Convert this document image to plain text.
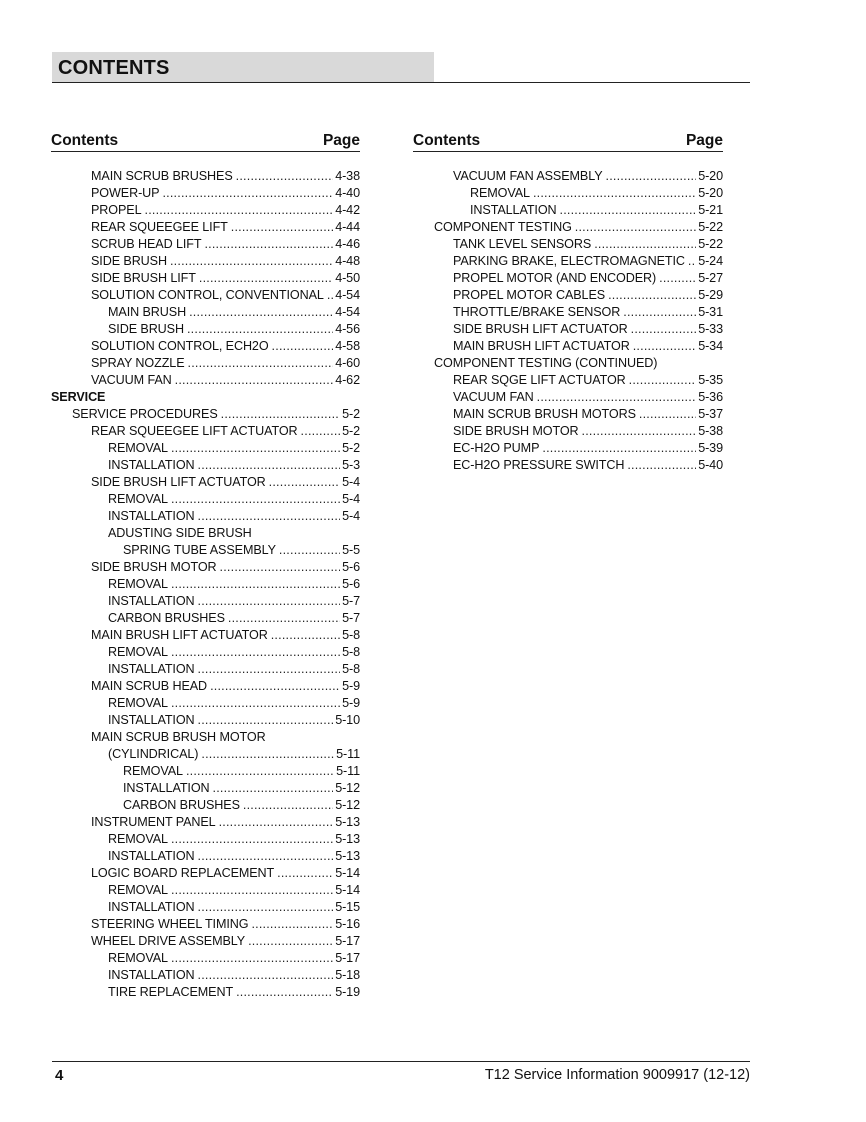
CONTENTS
Contents	Page
MAIN SCRUB BRUSHES . . .	4-38
POWER-UP . . .	4-40
PROPEL . . .	4-42
REAR SQUEEGEE LIFT . . .	4-44
SCRUB HEAD LIFT . . .	4-46
SIDE BRUSH . . .	4-48
SIDE BRUSH LIFT . . .	4-50
SOLUTION CONTROL, CONVENTIONAL . . . 4-54
MAIN BRUSH . . .	4-54
SIDE BRUSH . . .	4-56
SOLUTION CONTROL, ECH2O . . .	4-58
SPRAY NOZZLE . . .	4-60
VACUUM FAN . . .	4-62
SERVICE
SERVICE PROCEDURES . . .	5-2
REAR SQUEEGEE LIFT ACTUATOR . . .	5-2
REMOVAL . . .	5-2
INSTALLATION . . .	5-3
SIDE BRUSH LIFT ACTUATOR . . .	5-4
REMOVAL . . .	5-4
INSTALLATION . . .	5-4
ADUSTING SIDE BRUSH
SPRING TUBE ASSEMBLY . . .	5-5
SIDE BRUSH MOTOR . . .	5-6
REMOVAL . . .	5-6
INSTALLATION . . .	5-7
CARBON BRUSHES . . .	5-7
MAIN BRUSH LIFT ACTUATOR . . .	5-8
REMOVAL . . .	5-8
INSTALLATION . . .	5-8
MAIN SCRUB HEAD . . .	5-9
REMOVAL . . .	5-9
INSTALLATION . . .	5-10
MAIN SCRUB BRUSH MOTOR
(CYLINDRICAL) . . .	5-11
REMOVAL . . .	5-11
INSTALLATION . . .	5-12
CARBON BRUSHES . . .	5-12
INSTRUMENT PANEL . . .	5-13
REMOVAL . . .	5-13
INSTALLATION . . .	5-13
LOGIC BOARD REPLACEMENT . . .	5-14
REMOVAL . . .	5-14
INSTALLATION . . .	5-15
STEERING WHEEL TIMING . . .	5-16
WHEEL DRIVE ASSEMBLY . . .	5-17
REMOVAL . . .	5-17
INSTALLATION . . .	5-18
TIRE REPLACEMENT . . .	5-19
Contents	Page
VACUUM FAN ASSEMBLY . . .	5-20
REMOVAL . . .	5-20
INSTALLATION . . .	5-21
COMPONENT TESTING . . .	5-22
TANK LEVEL SENSORS . . .	5-22
PARKING BRAKE, ELECTROMAGNETIC . . . 5-24
PROPEL MOTOR (AND ENCODER) . . .	5-27
PROPEL MOTOR CABLES . . .	5-29
THROTTLE/BRAKE SENSOR . . .	5-31
SIDE BRUSH LIFT ACTUATOR . . .	5-33
MAIN BRUSH LIFT ACTUATOR . . .	5-34
COMPONENT TESTING (CONTINUED)
REAR SQGE LIFT ACTUATOR . . .	5-35
VACUUM FAN . . .	5-36
MAIN SCRUB BRUSH MOTORS . . .	5-37
SIDE BRUSH MOTOR . . .	5-38
EC-H2O PUMP . . .	5-39
EC-H2O PRESSURE SWITCH . . .	5-40
4	T12 Service Information 9009917 (12-12)
